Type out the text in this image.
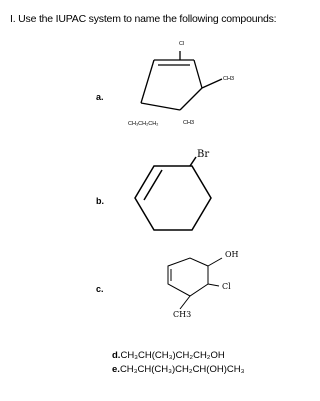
I. Use the IUPAC system to name the following compounds:
a.
Cl
CH3
CH₃CH₂CH₂	CH3
b.
Br
c.
OH
Cl
CH3
d.CH₃CH(CH₃)CH₂CH₂OH
e.CH₃CH(CH₃)CH₂CH(OH)CH₃
